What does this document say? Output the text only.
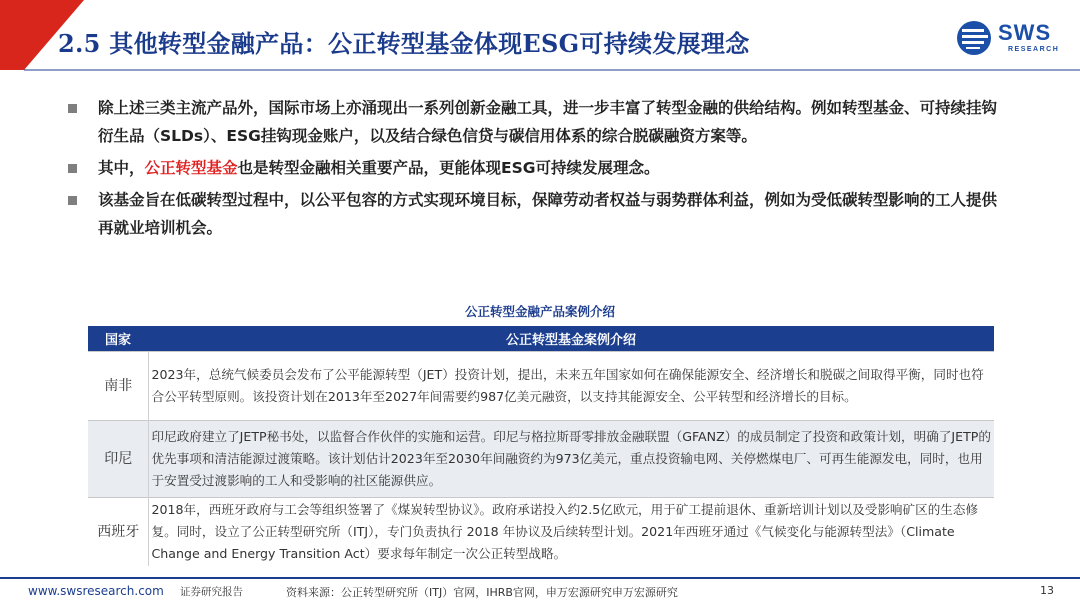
2.5 其他转型金融产品：公正转型基金体现ESG可持续发展理念	SWS
RESEARCH
除上述三类主流产品外，国际市场上亦涌现出一系列创新金融工具，进一步丰富了转型金融的供给结构。例如转型基金、可持续挂钩衍生品（SLDs）、ESG挂钩现金账户，以及结合绿色信贷与碳信用体系的综合脱碳融资方案等。
其中，公正转型基金也是转型金融相关重要产品，更能体现ESG可持续发展理念。
该基金旨在低碳转型过程中，以公平包容的方式实现环境目标，保障劳动者权益与弱势群体利益，例如为受低碳转型影响的工人提供再就业培训机会。
公正转型金融产品案例介绍
国家	公正转型基金案例介绍
南非	2023年，总统气候委员会发布了公平能源转型（JET）投资计划，提出，未来五年国家如何在确保能源安全、经济增长和脱碳之间取得平衡，同时也符合公平转型原则。该投资计划在2013年至2027年间需要约987亿美元融资，以支持其能源安全、公平转型和经济增长的目标。
印尼	印尼政府建立了JETP秘书处，以监督合作伙伴的实施和运营。印尼与格拉斯哥零排放金融联盟（GFANZ）的成员制定了投资和政策计划，明确了JETP的优先事项和清洁能源过渡策略。该计划估计2023年至2030年间融资约为973亿美元，重点投资输电网、关停燃煤电厂、可再生能源发电，同时，也用于安置受过渡影响的工人和受影响的社区能源供应。
西班牙	2018年，西班牙政府与工会等组织签署了《煤炭转型协议》。政府承诺投入约2.5亿欧元，用于矿工提前退休、重新培训计划以及受影响矿区的生态修复。同时，设立了公正转型研究所（ITJ），专门负责执行 2018 年协议及后续转型计划。2021年西班牙通过《气候变化与能源转型法》（Climate Change and Energy Transition Act）要求每年制定一次公正转型战略。
www.swsresearch.com 证券研究报告	资料来源：公正转型研究所（ITJ）官网，IHRB官网，申万宏源研究申万宏源研究	13
